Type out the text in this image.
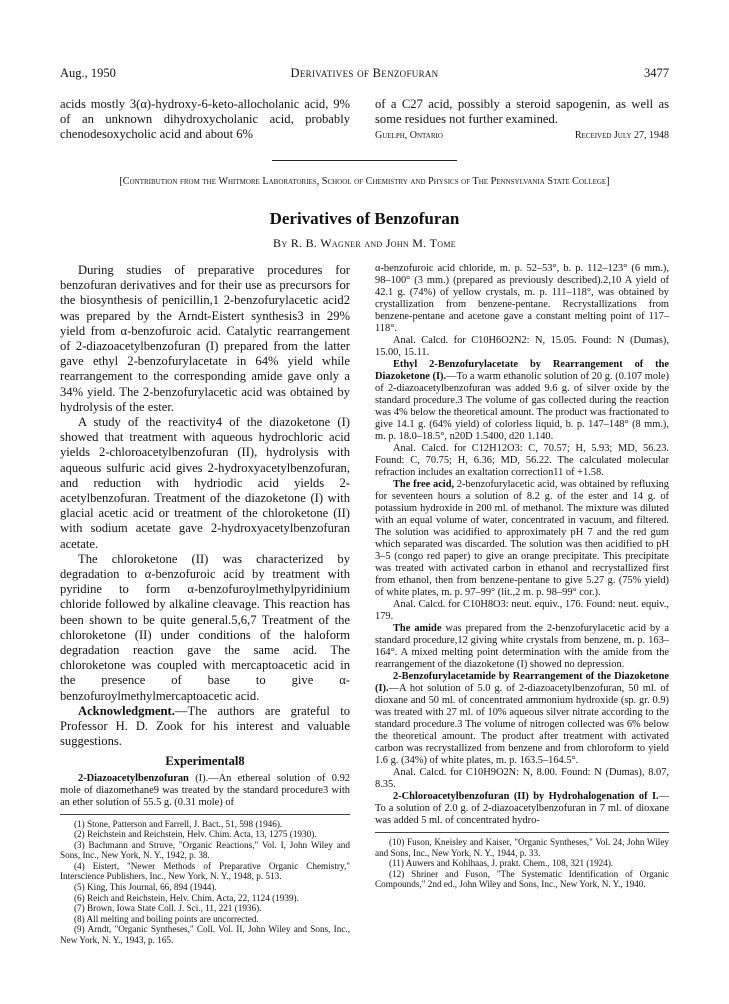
Aug., 1950	Derivatives of Benzofuran	3477

acids mostly 3(α)-hydroxy-6-keto-allocholanic acid, 9% of an unknown dihydroxycholanic acid, probably chenodesoxycholic acid and about 6%

of a C27 acid, possibly a steroid sapogenin, as well as some residues not further examined.

Guelph, Ontario	Received July 27, 1948
[Contribution from the Whitmore Laboratories, School of Chemistry and Physics of The Pennsylvania State College]
Derivatives of Benzofuran
By R. B. Wagner and John M. Tome

During studies of preparative procedures for benzofuran derivatives and for their use as precursors for the biosynthesis of penicillin,1 2-benzofurylacetic acid2 was prepared by the Arndt-Eistert synthesis3 in 29% yield from α-benzofuroic acid. Catalytic rearrangement of 2-diazoacetylbenzofuran (I) prepared from the latter gave ethyl 2-benzofurylacetate in 64% yield while rearrangement to the corresponding amide gave only a 34% yield. The 2-benzofurylacetic acid was obtained by hydrolysis of the ester.

A study of the reactivity4 of the diazoketone (I) showed that treatment with aqueous hydrochloric acid yields 2-chloroacetylbenzofuran (II), hydrolysis with aqueous sulfuric acid gives 2-hydroxyacetylbenzofuran, and reduction with hydriodic acid yields 2-acetylbenzofuran. Treatment of the diazoketone (I) with glacial acetic acid or treatment of the chloroketone (II) with sodium acetate gave 2-hydroxyacetylbenzofuran acetate.

The chloroketone (II) was characterized by degradation to α-benzofuroic acid by treatment with pyridine to form α-benzofuroylmethylpyridinium chloride followed by alkaline cleavage. This reaction has been shown to be quite general.5,6,7 Treatment of the chloroketone (II) under conditions of the haloform degradation reaction gave the same acid. The chloroketone was coupled with mercaptoacetic acid in the presence of base to give α-benzofuroylmethylmercaptoacetic acid.

Acknowledgment.—The authors are grateful to Professor H. D. Zook for his interest and valuable suggestions.

Experimental8

2-Diazoacetylbenzofuran (I).—An ethereal solution of 0.92 mole of diazomethane9 was treated by the standard procedure3 with an ether solution of 55.5 g. (0.31 mole) of

(1) Stone, Patterson and Farrell, J. Bact., 51, 598 (1946).

(2) Reichstein and Reichstein, Helv. Chim. Acta, 13, 1275 (1930).

(3) Bachmann and Struve, "Organic Reactions," Vol. I, John Wiley and Sons, Inc., New York, N. Y., 1942, p. 38.

(4) Eistert, "Newer Methods of Preparative Organic Chemistry," Interscience Publishers, Inc., New York, N. Y., 1948, p. 513.

(5) King, This Journal, 66, 894 (1944).

(6) Reich and Reichstein, Helv. Chim. Acta, 22, 1124 (1939).

(7) Brown, Iowa State Coll. J. Sci., 11, 221 (1936).

(8) All melting and boiling points are uncorrected.

(9) Arndt, "Organic Syntheses," Coll. Vol. II, John Wiley and Sons, Inc., New York, N. Y., 1943, p. 165.

α-benzofuroic acid chloride, m. p. 52–53°, b. p. 112–123° (6 mm.), 98–100° (3 mm.) (prepared as previously described).2,10 A yield of 42.1 g. (74%) of yellow crystals, m. p. 111–118°, was obtained by crystallization from benzene-pentane. Recrystallizations from benzene-pentane and acetone gave a constant melting point of 117–118°.

Anal. Calcd. for C10H6O2N2: N, 15.05. Found: N (Dumas), 15.00, 15.11.

Ethyl 2-Benzofurylacetate by Rearrangement of the Diazoketone (I).—To a warm ethanolic solution of 20 g. (0.107 mole) of 2-diazoacetylbenzofuran was added 9.6 g. of silver oxide by the standard procedure.3 The volume of gas collected during the reaction was 4% below the theoretical amount. The product was fractionated to give 14.1 g. (64% yield) of colorless liquid, b. p. 147–148° (8 mm.), m. p. 18.0–18.5°, n20D 1.5400, d20 1.140.

Anal. Calcd. for C12H12O3: C, 70.57; H, 5.93; MD, 56.23. Found: C, 70.75; H, 6.36; MD, 56.22. The calculated molecular refraction includes an exaltation correction11 of +1.58.

The free acid, 2-benzofurylacetic acid, was obtained by refluxing for seventeen hours a solution of 8.2 g. of the ester and 14 g. of potassium hydroxide in 200 ml. of methanol. The mixture was diluted with an equal volume of water, concentrated in vacuum, and filtered. The solution was acidified to approximately pH 7 and the red gum which separated was discarded. The solution was then acidified to pH 3–5 (congo red paper) to give an orange precipitate. This precipitate was treated with activated carbon in ethanol and recrystallized first from ethanol, then from benzene-pentane to give 5.27 g. (75% yield) of white plates, m. p. 97–99° (lit.,2 m. p. 98–99° cor.).

Anal. Calcd. for C10H8O3: neut. equiv., 176. Found: neut. equiv., 179.

The amide was prepared from the 2-benzofurylacetic acid by a standard procedure,12 giving white crystals from benzene, m. p. 163–164°. A mixed melting point determination with the amide from the rearrangement of the diazoketone (I) showed no depression.

2-Benzofurylacetamide by Rearrangement of the Diazoketone (I).—A hot solution of 5.0 g. of 2-diazoacetylbenzofuran, 50 ml. of dioxane and 50 ml. of concentrated ammonium hydroxide (sp. gr. 0.9) was treated with 27 ml. of 10% aqueous silver nitrate according to the standard procedure.3 The volume of nitrogen collected was 6% below the theoretical amount. The product after treatment with activated carbon was recrystallized from benzene and from chloroform to yield 1.6 g. (34%) of white plates, m. p. 163.5–164.5°.

Anal. Calcd. for C10H9O2N: N, 8.00. Found: N (Dumas), 8.07, 8.35.

2-Chloroacetylbenzofuran (II) by Hydrohalogenation of I.—To a solution of 2.0 g. of 2-diazoacetylbenzofuran in 7 ml. of dioxane was added 5 ml. of concentrated hydro-

(10) Fuson, Kneisley and Kaiser, "Organic Syntheses," Vol. 24, John Wiley and Sons, Inc., New York, N. Y., 1944, p. 33.

(11) Auwers and Kohlhaas, J. prakt. Chem., 108, 321 (1924).

(12) Shriner and Fuson, "The Systematic Identification of Organic Compounds," 2nd ed., John Wiley and Sons, Inc., New York, N. Y., 1940.
